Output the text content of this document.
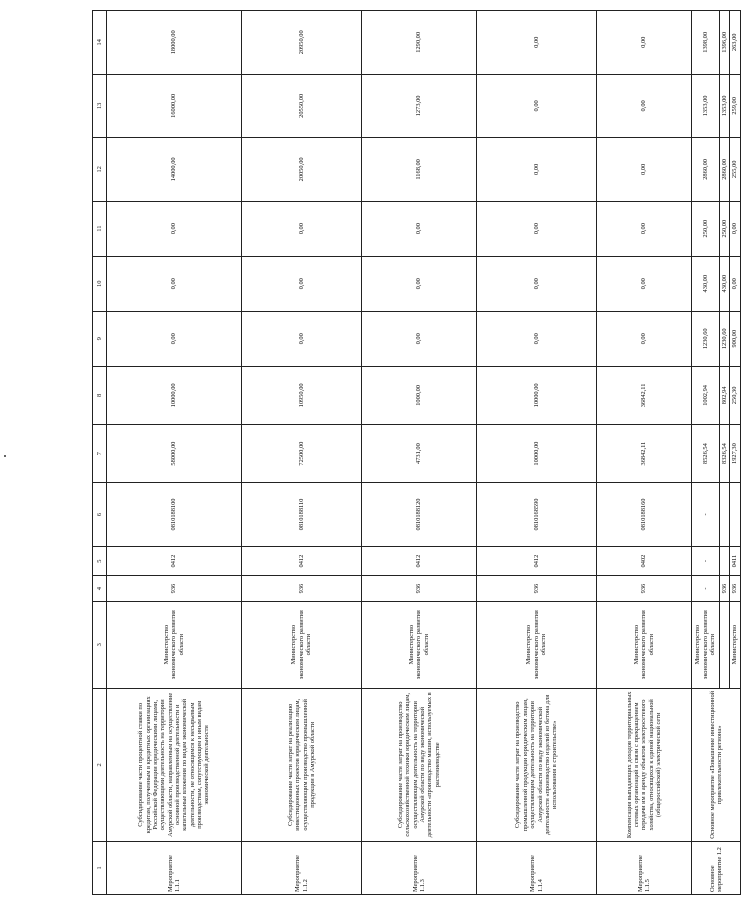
1	2	3	4	5	6	7	8	9	10	11	12	13	14
Мероприятие 1.1.1	Субсидирование части процентной ставки по кредитам, полученным в кредитных организациях Российской Федерации юридическими лицами, осуществляющими деятельность на территории Амурской области, направленным на осуществление основной производственной деятельности и капитальные вложения по видам экономической деятельности, не относящимся к несырьевым производствам, сопутствующим и иным видам экономической деятельности	Министерство экономического развития области	936	0412	0810188100	58000,00	10000,00	0,00	0,00	0,00	14000,00	16000,00	18000,00
Мероприятие 1.1.2	Субсидирование части затрат на реализацию инвестиционных проектов юридическим лицам, осуществляющим производство промышленной продукции в Амурской области	Министерство экономического развития области	936	0412	0810188110	72500,00	10950,00	0,00	0,00	0,00	20050,00	20550,00	20950,00
Мероприятие 1.1.3	Субсидирование части затрат на производство сельскохозяйственной техники юридическим лицам, осуществляющим деятельность на территории Амурской области по виду экономической деятельности «производство машин, используемых в растениеводстве	Министерство экономического развития области	936	0412	0810188120	4731,00	1000,00	0,00	0,00	0,00	1168,00	1273,00	1290,00
Мероприятие 1.1.4	Субсидирование части затрат на производство промышленной продукции юридическим лицам, осуществляющим деятельность на территории Амурской области по виду экономической деятельности «производство изделий из бетона для использования в строительстве»	Министерство экономического развития области	936	0412	0810168590	10000,00	10000,00	0,00	0,00	0,00	0,00	0,00	0,00
Мероприятие 1.1.5	Компенсация выпадающих доходов территориальных сетевых организаций в связи с прекращением передачи им в аренду объектов электросетевого хозяйства, относящихся к единой национальной (общероссийской) электрической сети	Министерство экономического развития области	936	0402	0810188160	36842,11	36842,11	0,00	0,00	0,00	0,00	0,00	0,00
Основное мероприятие 1.2	Основное мероприятие «Повышение инвестиционной привлекательности региона»	Министерство экономического развития области	-	-	-	8526,54	1002,94	1230,60	430,00	250,00	2860,00	1353,00	1398,00
			936			8326,54	802,94	1230,60	430,00	250,00	2860,00	1353,00	1396,00
		Министерство	936	0411		1927,30	250,30	900,00	0,00	0,00	255,00	259,00	263,00
